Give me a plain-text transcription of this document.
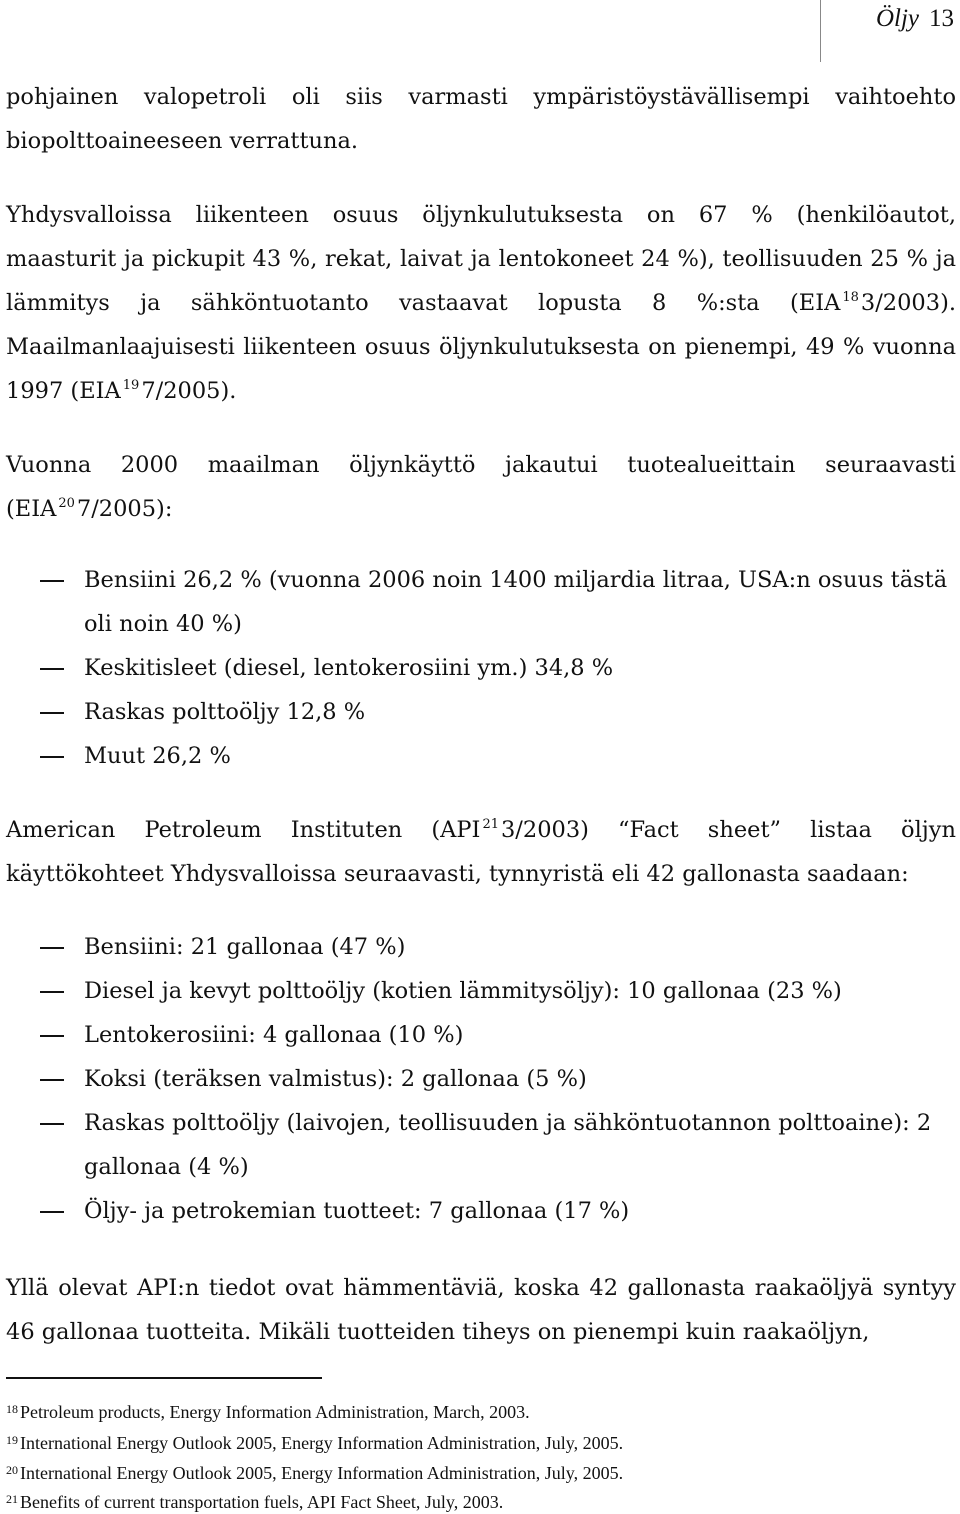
Öljy 13
pohjainen valopetroli oli siis varmasti ympäristöystävällisempi vaihtoehto biopolttoaineeseen verrattuna.
Yhdysvalloissa liikenteen osuus öljynkulutuksesta on 67 % (henkilöautot, maasturit ja pickupit 43 %, rekat, laivat ja lentokoneet 24 %), teollisuuden 25 % ja lämmitys ja sähköntuotanto vastaavat lopusta 8 %:sta (EIA $^{18}$3/2003). Maailmanlaajuisesti liikenteen osuus öljynkulutuksesta on pienempi, 49 % vuonna 1997 (EIA $^{19}$7/2005).
Vuonna 2000 maailman öljynkäyttö jakautui tuotealueittain seuraavasti (EIA $^{20}$7/2005):
Bensiini 26,2 % (vuonna 2006 noin 1400 miljardia litraa, USA:n osuus tästä oli noin 40 %)
Keskitisleet (diesel, lentokerosiini ym.) 34,8 %
Raskas polttoöljy 12,8 %
Muut 26,2 %
American Petroleum Instituten (API $^{21}$3/2003) “Fact sheet” listaa öljyn käyttökohteet Yhdysvalloissa seuraavasti, tynnyristä eli 42 gallonasta saadaan:
Bensiini: 21 gallonaa (47 %)
Diesel ja kevyt polttoöljy (kotien lämmitysöljy): 10 gallonaa (23 %)
Lentokerosiini: 4 gallonaa (10 %)
Koksi (teräksen valmistus): 2 gallonaa (5 %)
Raskas polttoöljy (laivojen, teollisuuden ja sähköntuotannon polttoaine): 2 gallonaa (4 %)
Öljy- ja petrokemian tuotteet: 7 gallonaa (17 %)
Yllä olevat API:n tiedot ovat hämmentäviä, koska 42 gallonasta raakaöljyä syntyy 46 gallonaa tuotteita. Mikäli tuotteiden tiheys on pienempi kuin raakaöljyn,
$^{18}$ Petroleum products, Energy Information Administration, March, 2003.
$^{19}$ International Energy Outlook 2005, Energy Information Administration, July, 2005.
$^{20}$ International Energy Outlook 2005, Energy Information Administration, July, 2005.
$^{21}$ Benefits of current transportation fuels, API Fact Sheet, July, 2003.
